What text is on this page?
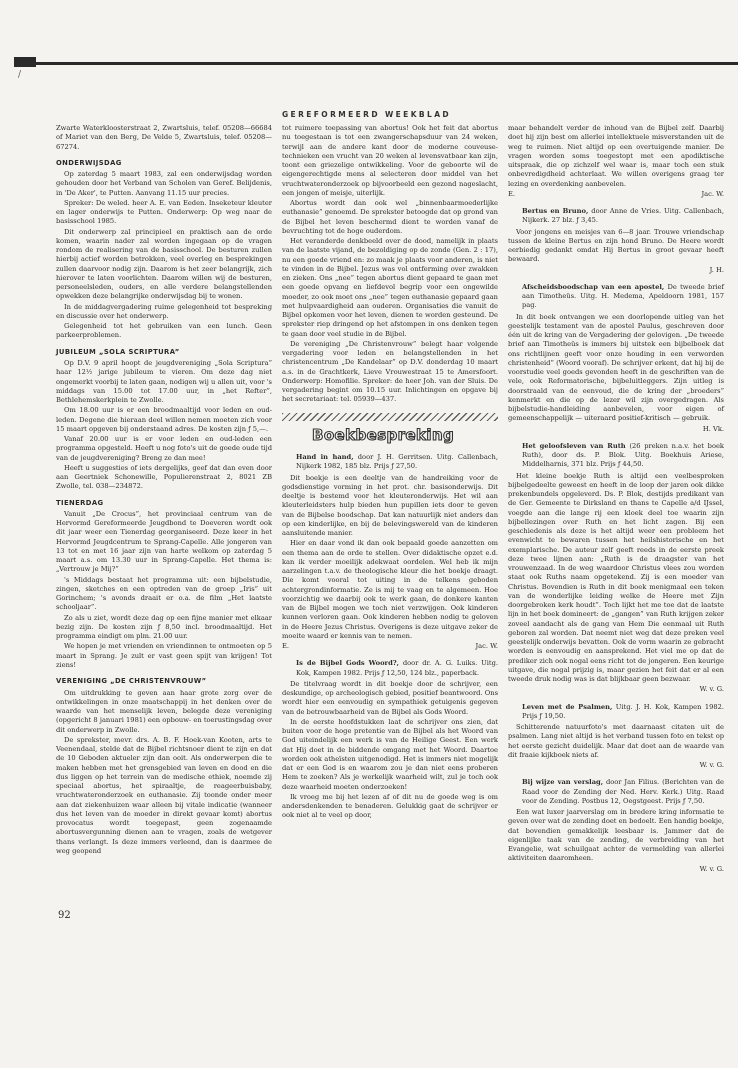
/
GEREFORMEERD WEEKBLAD

Zwarte Waterkloosterstraat 2, Zwartsluis, telef. 05208—66684 of Mariet van den Berg, De Velde 5, Zwartsluis, telef. 05208—67274.

ONDERWIJSDAG

Op zaterdag 5 maart 1983, zal een onderwijsdag worden gehouden door het Verband van Scholen van Geref. Belijdenis, in 'De Aker', te Putten. Aanvang 11.15 uur precies.

Spreker: De weled. heer A. E. van Eeden. Inseketeur kleuter en lager onderwijs te Putten. Onderwerp: Op weg naar de basisschool 1985.

Dit onderwerp zal principieel en praktisch aan de orde komen, waarin nader zal worden ingegaan op de vragen rondom de realisering van de basisschool. De besturen zullen hierbij actief worden betrokken, veel overleg en besprekingen zullen daarvoor nodig zijn. Daarom is het zeer belangrijk, zich hierover te laten voorlichten. Daarom willen wij de besturen, personeelsleden, ouders, en alle verdere belangstellenden opwekken deze belangrijke onderwijsdag bij te wonen.

In de middagvergadering ruime gelegenheid tot bespreking en discussie over het onderwerp.

Gelegenheid tot het gebruiken van een lunch. Geen parkeerproblemen.

JUBILEUM „SOLA SCRIPTURA”

Op D.V. 9 april hoopt de jeugdvereniging „Sola Scriptura” haar 12½ jarige jubileum te vieren. Om deze dag niet ongemerkt voorbij te laten gaan, nodigen wij u allen uit, voor 's middags van 15.00 tot 17.00 uur, in „het Refter”, Bethlehemskerkplein te Zwolle.

Om 18.00 uur is er een broodmaaltijd voor leden en oud-leden. Degene die hieraan deel willen nemen moeten zich voor 15 maart opgeven bij onderstaand adres. De kosten zijn ƒ 5,—.

Vanaf 20.00 uur is er voor leden en oud-leden een programma opgesteld. Heeft u nog foto's uit de goede oude tijd van de jeugdvereniging? Breng ze dan mee!

Heeft u suggesties of iets dergelijks, geef dat dan even door aan Geertniek Schonewille, Populierenstraat 2, 8021 ZB Zwolle, tel. 038—234872.

TIENERDAG

Vanuit „De Crocus”, het provinciaal centrum van de Hervormd Gereformeerde Jeugdbond te Doeveren wordt ook dit jaar weer een Tienerdag georganiseerd. Deze keer in het Hervormd Jeugdcentrum te Sprang-Capelle. Alle jongeren van 13 tot en met 16 jaar zijn van harte welkom op zaterdag 5 maart a.s. om 13.30 uur in Sprang-Capelle. Het thema is: „Vertrouw je Mij?”

's Middags bestaat het programma uit: een bijbelstudie, zingen, sketches en een optreden van de groep „Iris” uit Gorinchem; 's avonds draait er o.a. de film „Het laatste schooljaar”.

Zo als u ziet, wordt deze dag op een fijne manier met elkaar bezig zijn. De kosten zijn ƒ 8,50 incl. broodmaaltijd. Het programma eindigt om plm. 21.00 uur.

We hopen je met vrienden en vriendinnen te ontmoeten op 5 maart in Sprang. Je zult er vast geen spijt van krijgen! Tot ziens!

VERENIGING „DE CHRISTENVROUW”

Om uitdrukking te geven aan haar grote zorg over de ontwikkelingen in onze maatschappij in het denken over de waarde van het menselijk leven, belegde deze vereniging (opgericht 8 januari 1981) een opbouw- en toerustingsdag over dit onderwerp in Zwolle.

De sprekster, mevr. drs. A. B. F. Hoek-van Kooten, arts te Veenendaal, stelde dat de Bijbel richtsnoer dient te zijn en dat de 10 Geboden aktueler zijn dan ooit. Als onderwerpen die te maken hebben met het grensgebied van leven en dood en die dus liggen op het terrein van de medische ethiek, noemde zij speciaal abortus, het spiraaltje, de reageerbuisbaby, vruchtwateronderzoek en euthanasie. Zij toonde onder meer aan dat ziekenhuizen waar alleen bij vitale indicatie (wanneer dus het leven van de moeder in direkt gevaar komt) abortus provocatus wordt toegepast, geen zogenaamde abortusvergunning dienen aan te vragen, zoals de wetgever thans verlangt. Is deze immers verleend, dan is daarmee de weg geopend

tot ruimere toepassing van abortus! Ook het feit dat abortus nu toegestaan is tot een zwangerschapsduur van 24 weken, terwijl aan de andere kant door de moderne couveuse-technieken een vrucht van 20 weken al levensvatbaar kan zijn, toont een griezelige ontwikkeling. Voor de geboorte wil de eigengerechtigde mens al selecteren door middel van het vruchtwateronderzoek op bijvoorbeeld een gezond nageslacht, een jongen of meisje, uiterlijk.

Abortus wordt dan ook wel „binnenbaarmoederlijke euthanasie” genoemd. De sprekster betoogde dat op grond van de Bijbel het leven beschermd dient te worden vanaf de bevruchting tot de hoge ouderdom.

Het veranderde denkbeeld over de dood, namelijk in plaats van de laatste vijand, de bezoldiging op de zonde (Gen. 2 : 17), nu een goede vriend en: zo maak je plaats voor anderen, is niet te vinden in de Bijbel. Jezus was vol ontferming over zwakken en zieken. Ons „nee” tegen abortus dient gepaard te gaan met een goede opvang en liefdevol begrip voor een ongewilde moeder, zo ook moet ons „nee” tegen euthanasie gepaard gaan met hulpvaardigheid aan ouderen. Organisaties die vanuit de Bijbel opkomen voor het leven, dienen te worden gesteund. De sprekster riep dringend op het afstompen in ons denken tegen te gaan door veel studie in de Bijbel.

De vereniging „De Christenvrouw” belegt haar volgende vergadering voor leden en belangstellenden in het christencentrum „De Kandelaar” op D.V. donderdag 10 maart a.s. in de Grachtkerk, Lieve Vrouwestraat 15 te Amersfoort. Onderwerp: Homofilie. Spreker: de heer Joh. van der Sluis. De vergadering begint om 10.15 uur. Inlichtingen en opgave bij het secretariaat: tel. 05939—437.

Boekbespreking

Hand in hand, door J. H. Gerritsen. Uitg. Callenbach, Nijkerk 1982, 185 blz. Prijs ƒ 27,50.

Dit boekje is een deeltje van de handreiking voor de godsdienstige vorming in het prot. chr. basisonderwijs. Dit deeltje is bestemd voor het kleuteronderwijs. Het wil aan kleuterleidsters hulp bieden hun pupillen iets door te geven van de Bijbelse boodschap. Dat kan natuurlijk niet anders dan op een kinderlijke, en bij de belevingswereld van de kinderen aansluitende manier.

Hier en daar vond ik dan ook bepaald goede aanzetten om een thema aan de orde te stellen. Over didaktische opzet e.d. kan ik verder moeilijk adekwaat oordelen. Wel heb ik mijn aarzelingen t.a.v. de theologische kleur die het boekje draagt. Die komt vooral tot uiting in de telkens geboden achtergrondinformatie. Ze is mij te vaag en te algemeen. Hoe voorzichtig we daarbij ook te werk gaan, de donkere kanten van de Bijbel mogen we toch niet verzwijgen. Ook kinderen kunnen verloren gaan. Ook kinderen hebben nodig te geloven in de Heere Jezus Christus. Overigens is deze uitgave zeker de moeite waard er kennis van te nemen.

E.	Jac. W.

Is de Bijbel Gods Woord?, door dr. A. G. Luiks. Uitg. Kok, Kampen 1982. Prijs ƒ 12,50, 124 blz., paperback.

De titelvraag wordt in dit boekje door de schrijver, een deskundige, op archeologisch gebied, positief beantwoord. Ons wordt hier een eenvoudig en sympathiek getuigenis gegeven van de betrouwbaarheid van de Bijbel als Gods Woord.

In de eerste hoofdstukken laat de schrijver ons zien, dat buiten voor de hoge pretentie van de Bijbel als het Woord van God uiteindelijk een werk is van de Heilige Geest. Een werk dat Hij doet in de biddende omgang met het Woord. Daartoe worden ook atheïsten uitgenodigd. Het is immers niet mogelijk dat er een God is en waarom zou je dan niet eens proberen Hem te zoeken? Als je werkelijk waarheid wilt, zul je toch ook deze waarheid moeten onderzoeken!

Ik vroeg me bij het lezen af of dit nu de goede weg is om andersdenkenden te benaderen. Gelukkig gaat de schrijver er ook niet al te veel op door,

maar behandelt verder de inhoud van de Bijbel zelf. Daarbij doet hij zijn best om allerlei intellektuele misverstanden uit de weg te ruimen. Niet altijd op een overtuigende manier. De vragen worden soms toegestopt met een apodiktische uitspraak, die op zichzelf wel waar is, maar toch een stuk onbevredigdheid achterlaat. We willen overigens graag ter lezing en overdenking aanbevelen.

E.	Jac. W.

Bertus en Bruno, door Anne de Vries. Uitg. Callenbach, Nijkerk. 27 blz. ƒ 3,45.

Voor jongens en meisjes van 6—8 jaar. Trouwe vriendschap tussen de kleine Bertus en zijn hond Bruno. De Heere wordt eerbiedig gedankt omdat Hij Bertus in groot gevaar heeft bewaard.

J. H.

Afscheidsboodschap van een apostel, De tweede brief aan Timotheüs. Uitg. H. Medema, Apeldoorn 1981, 157 pag.

In dit boek ontvangen we een doorlopende uitleg van het geestelijk testament van de apostel Paulus, geschreven door één uit de kring van de Vergadering der gelovigen. „De tweede brief aan Timotheüs is immers bij uitstek een bijbelboek dat ons richtlijnen geeft voor onze houding in een verworden christenheid” (Woord vooraf). De schrijver erkent, dat hij bij de voorstudie veel goeds gevonden heeft in de geschriften van de vele, ook Reformatorische, bijbeluitleggers. Zijn uitleg is doorstraald van de eenvoud, die de kring der „broeders” kenmerkt en die op de lezer wil zijn overgedragen. Als bijbelstudie-handleiding aanbevelen, voor eigen of gemeenschappelijk — uiteraard positief-kritisch — gebruik.

H. Vk.

Het geloofsleven van Ruth (26 preken n.a.v. het boek Ruth), door ds. P. Blok. Uitg. Boekhuis Ariese, Middelharnis, 371 blz. Prijs ƒ 44,50.

Het kleine boekje Ruth is altijd een veelbesproken bijbelgedeelte geweest en heeft in de loop der jaren ook dikke prekenbundels opgeleverd. Ds. P. Blok, destijds predikant van de Ger. Gemeente te Dirksland en thans te Capelle a/d IJssel, voegde aan die lange rij een kloek deel toe waarin zijn bijbellezingen over Ruth en het licht zagen. Bij een geschiedenis als deze is het altijd weer een probleem het evenwicht te bewaren tussen het heilshistorische en het exemplarische. De auteur zelf geeft reeds in de eerste preek deze twee lijnen aan: „Ruth is de draagster van het vrouwenzaad. In de weg waardoor Christus vlees zou worden staat ook Ruths naam opgetekend. Zij is een moeder van Christus. Bovendien is Ruth in dit boek menigmaal een teken van de wonderlijke leiding welke de Heere met Zijn doorgebroken kerk houdt”. Toch lijkt het me toe dat de laatste lijn in het boek domineert: de „gangen” van Ruth krijgen zeker zoveel aandacht als de gang van Hem Die eenmaal uit Ruth geboren zal worden. Dat neemt niet weg dat deze preken veel geestelijk onderwijs bevatten. Ook de vorm waarin ze gebracht worden is eenvoudig en aansprekend. Het viel me op dat de prediker zich ook nogal eens richt tot de jongeren. Een keurige uitgave, die nogal prijzig is, maar gezien het feit dat er al een tweede druk nodig was is dat blijkbaar geen bezwaar.

W. v. G.

Leven met de Psalmen, Uitg. J. H. Kok, Kampen 1982. Prijs ƒ 19,50.

Schitterende natuurfoto's met daarnaast citaten uit de psalmen. Lang niet altijd is het verband tussen foto en tekst op het eerste gezicht duidelijk. Maar dat doet aan de waarde van dit fraaie kijkboek niets af.

W. v. G.

Bij wijze van verslag, door Jan Filius. (Berichten van de Raad voor de Zending der Ned. Herv. Kerk.) Uitg. Raad voor de Zending. Postbus 12, Oegstgeest. Prijs ƒ 7,50.

Een wat luxer jaarverslag om in bredere kring informatie te geven over wat de zending doet en bedoelt. Een handig boekje, dat bovendien gemakkelijk leesbaar is. Jammer dat de eigenlijke taak van de zending, de verbreiding van het Evangelie, wat schuilgaat achter de vermelding van allerlei aktiviteiten daaromheen.

W. v. G.

92
